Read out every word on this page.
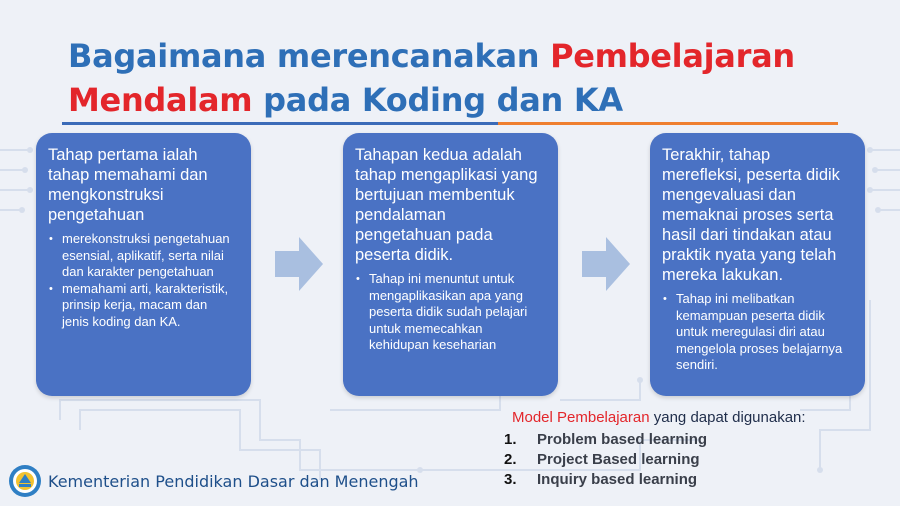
Bagaimana merencanakan Pembelajaran
Mendalam pada Koding dan KA
Tahap pertama ialah tahap memahami dan mengkonstruksi pengetahuan
• merekonstruksi pengetahuan esensial, aplikatif, serta nilai dan karakter pengetahuan
• memahami arti, karakteristik, prinsip kerja, macam dan jenis koding dan KA.
Tahapan kedua adalah tahap mengaplikasi yang bertujuan membentuk pendalaman pengetahuan pada peserta didik.
• Tahap ini menuntut untuk mengaplikasikan apa yang peserta didik sudah pelajari untuk memecahkan kehidupan keseharian
Terakhir, tahap merefleksi, peserta didik mengevaluasi dan memaknai proses serta hasil dari tindakan atau praktik nyata yang telah mereka lakukan.
• Tahap ini melibatkan kemampuan peserta didik untuk meregulasi diri atau mengelola proses belajarnya sendiri.
Model Pembelajaran yang dapat digunakan:
1. Problem based learning
2. Project Based learning
3. Inquiry based learning
Kementerian Pendidikan Dasar dan Menengah
